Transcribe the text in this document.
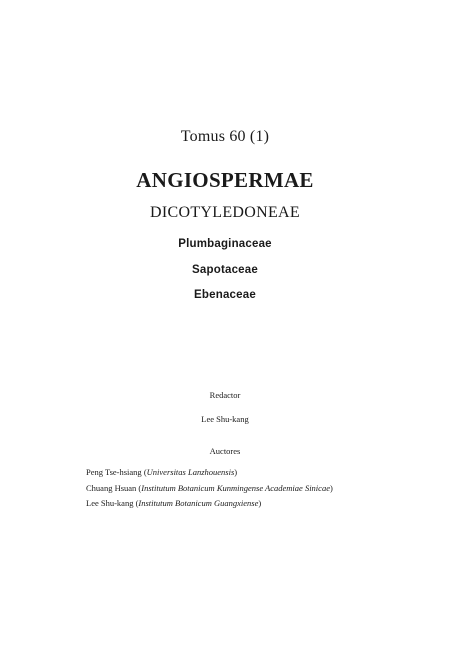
Tomus 60 (1)
ANGIOSPERMAE
DICOTYLEDONEAE
Plumbaginaceae
Sapotaceae
Ebenaceae
Redactor
Lee Shu-kang
Auctores
Peng Tse-hsiang (Universitas Lanzhouensis)
Chuang Hsuan (Institutum Botanicum Kunmingense Academiae Sinicae)
Lee Shu-kang (Institutum Botanicum Guangxiense)
